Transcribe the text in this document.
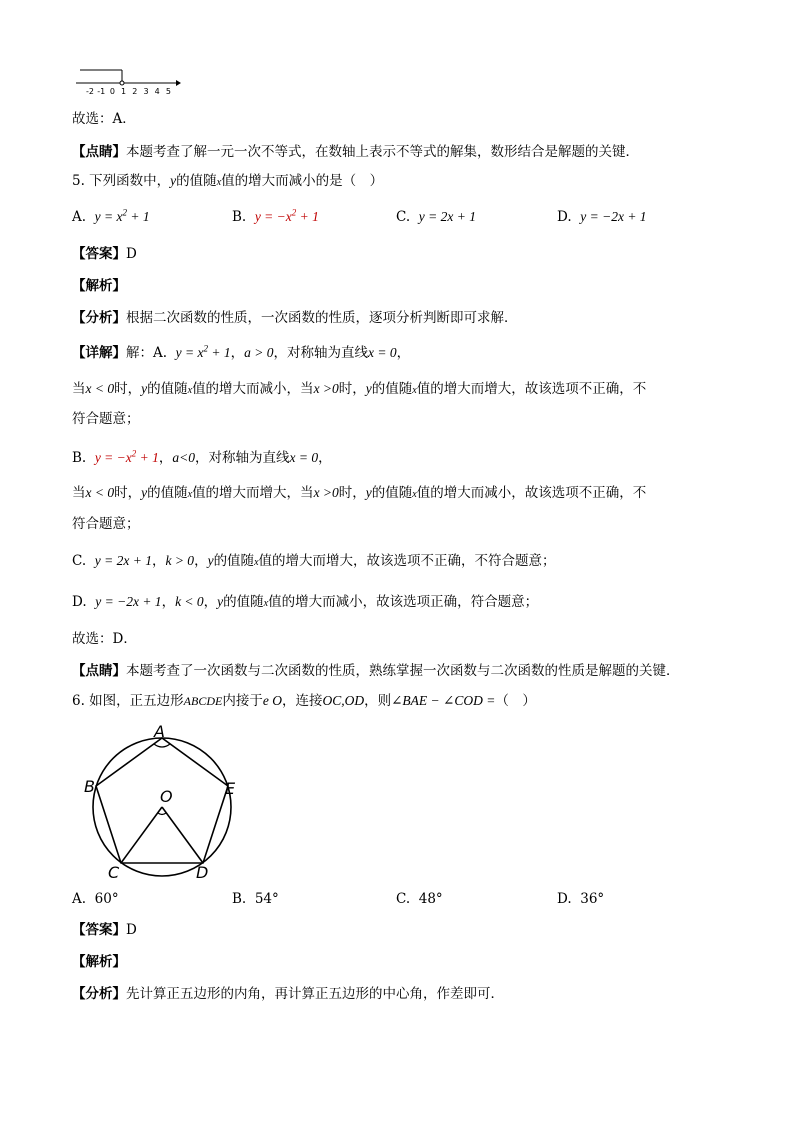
-2 -1 0 1 2 3 4 5
故选：A．
【点睛】本题考查了解一元一次不等式，在数轴上表示不等式的解集，数形结合是解题的关键．
5. 下列函数中，y的值随x值的增大而减小的是（　）
A. $y = x^2 + 1$	B. $y = -x^2 + 1$	C. y = 2x + 1	D. y = −2x + 1
【答案】D
【解析】
【分析】根据二次函数的性质，一次函数的性质，逐项分析判断即可求解．
【详解】解：A. $y = x^2 + 1$，a > 0，对称轴为直线x = 0，
当x < 0时，y的值随x值的增大而减小，当x >0时，y的值随x值的增大而增大，故该选项不正确，不
符合题意；
B. $y = -x^2 + 1$，a<0，对称轴为直线x = 0，
当x < 0时，y的值随x值的增大而增大，当x >0时，y的值随x值的增大而减小，故该选项不正确，不
符合题意；
C. y = 2x + 1，k > 0，y的值随x值的增大而增大，故该选项不正确，不符合题意；
D. y = −2x + 1，k < 0，y的值随x值的增大而减小，故该选项正确，符合题意；
故选：D．
【点睛】本题考查了一次函数与二次函数的性质，熟练掌握一次函数与二次函数的性质是解题的关键．
6. 如图，正五边形ABCDE内接于e O，连接OC,OD，则∠BAE − ∠COD =（　）
A
B	E
O
C	D
A. 60°	B. 54°	C. 48°	D. 36°
【答案】D
【解析】
【分析】先计算正五边形的内角，再计算正五边形的中心角，作差即可．
